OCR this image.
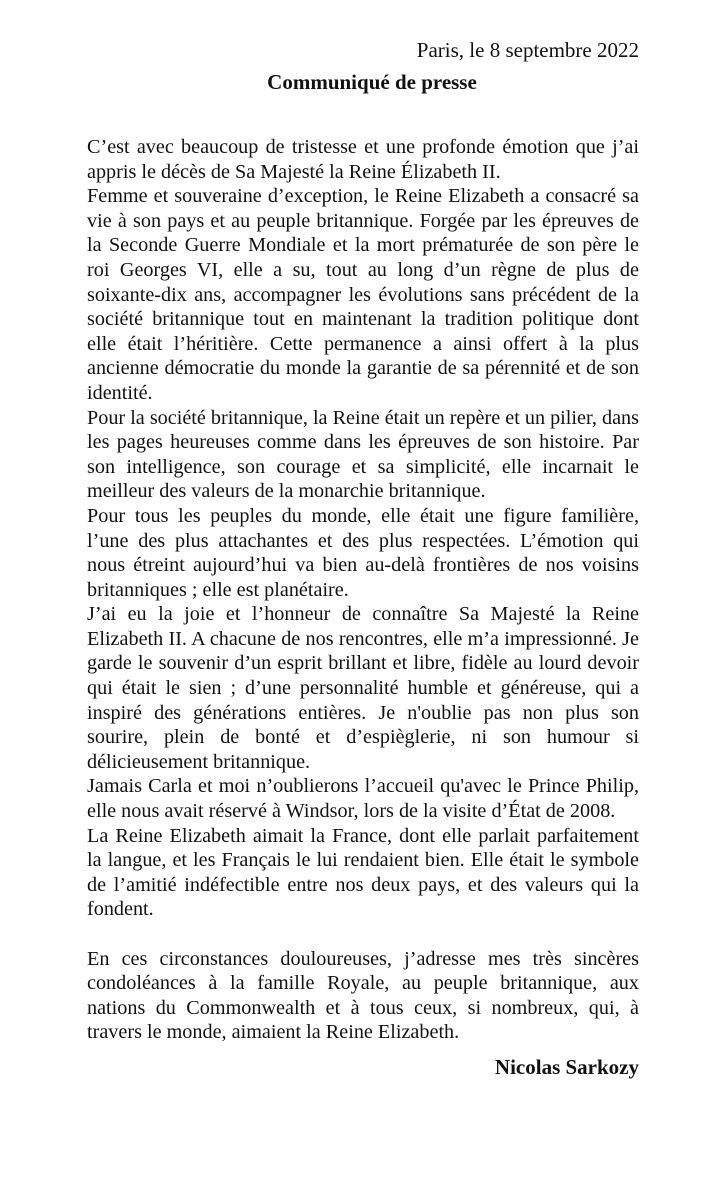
Paris, le 8 septembre 2022

Communiqué de presse

C’est avec beaucoup de tristesse et une profonde émotion que j’ai appris le décès de Sa Majesté la Reine Élizabeth II.

Femme et souveraine d’exception, le Reine Elizabeth a consacré sa vie à son pays et au peuple britannique. Forgée par les épreuves de la Seconde Guerre Mondiale et la mort prématurée de son père le roi Georges VI, elle a su, tout au long d’un règne de plus de soixante-dix ans, accompagner les évolutions sans précédent de la société britannique tout en maintenant la tradition politique dont elle était l’héritière. Cette permanence a ainsi offert à la plus ancienne démocratie du monde la garantie de sa pérennité et de son identité.

Pour la société britannique, la Reine était un repère et un pilier, dans les pages heureuses comme dans les épreuves de son histoire. Par son intelligence, son courage et sa simplicité, elle incarnait le meilleur des valeurs de la monarchie britannique.

Pour tous les peuples du monde, elle était une figure familière, l’une des plus attachantes et des plus respectées. L’émotion qui nous étreint aujourd’hui va bien au-delà frontières de nos voisins britanniques ; elle est planétaire.

J’ai eu la joie et l’honneur de connaître Sa Majesté la Reine Elizabeth II. A chacune de nos rencontres, elle m’a impressionné. Je garde le souvenir d’un esprit brillant et libre, fidèle au lourd devoir qui était le sien ; d’une personnalité humble et généreuse, qui a inspiré des générations entières. Je n'oublie pas non plus son sourire, plein de bonté et d’espièglerie, ni son humour si délicieusement britannique.

Jamais Carla et moi n’oublierons l’accueil qu'avec le Prince Philip, elle nous avait réservé à Windsor, lors de la visite d’État de 2008.

La Reine Elizabeth aimait la France, dont elle parlait parfaitement la langue, et les Français le lui rendaient bien. Elle était le symbole de l’amitié indéfectible entre nos deux pays, et des valeurs qui la fondent.

En ces circonstances douloureuses, j’adresse mes très sincères condoléances à la famille Royale, au peuple britannique, aux nations du Commonwealth et à tous ceux, si nombreux, qui, à travers le monde, aimaient la Reine Elizabeth.

Nicolas Sarkozy
